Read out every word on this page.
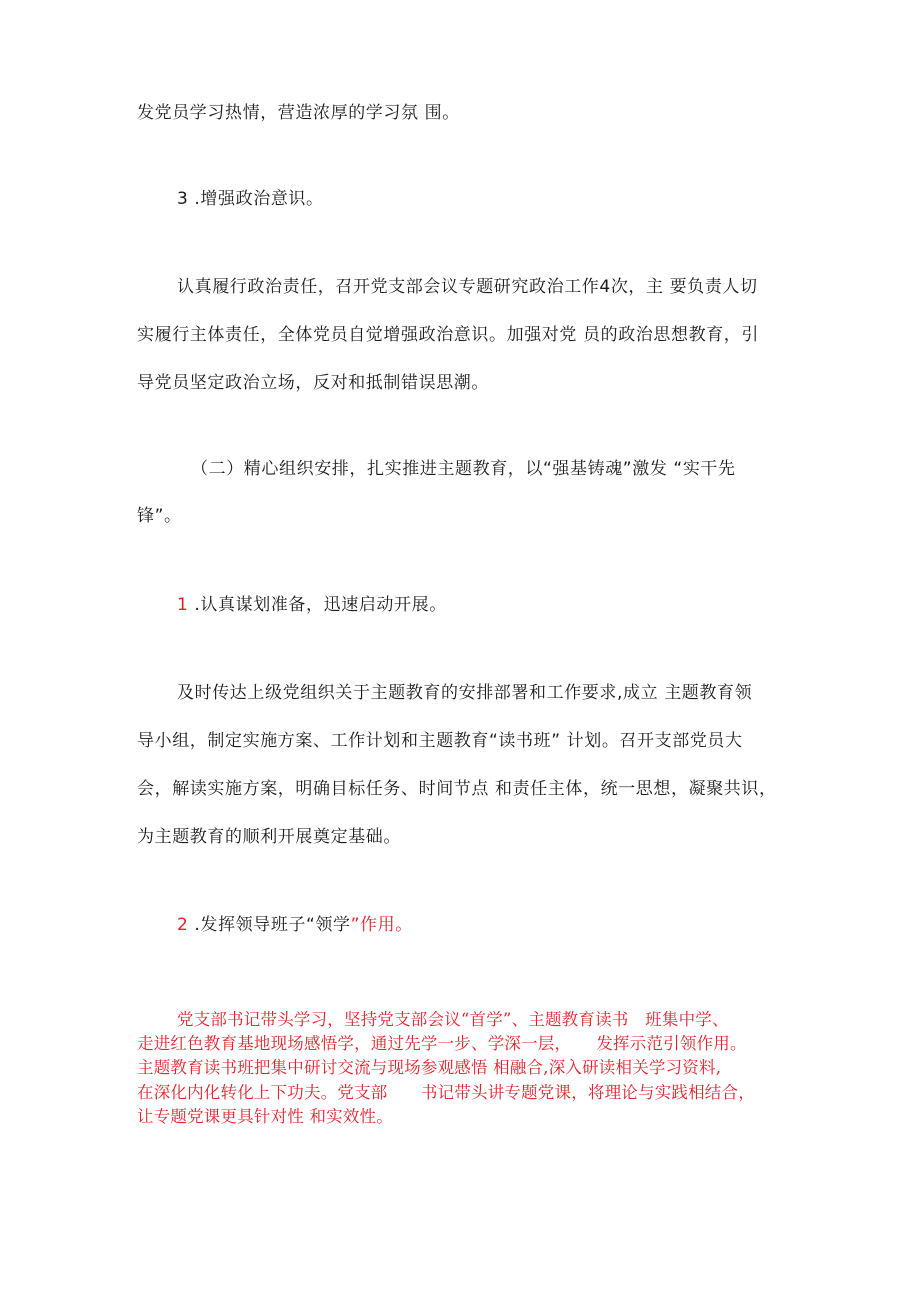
发党员学习热情，营造浓厚的学习氛 围。
3 .增强政治意识。
认真履行政治责任，召开党支部会议专题研究政治工作4次，主 要负责人切
实履行主体责任，全体党员自觉增强政治意识。加强对党 员的政治思想教育，引
导党员坚定政治立场，反对和抵制错误思潮。
（二）精心组织安排，扎实推进主题教育，以“强基铸魂”激发 “实干先
锋”。
1 .认真谋划准备，迅速启动开展。
及时传达上级党组织关于主题教育的安排部署和工作要求,成立 主题教育领
导小组，制定实施方案、工作计划和主题教育“读书班” 计划。召开支部党员大
会，解读实施方案，明确目标任务、时间节点 和责任主体，统一思想，凝聚共识，
为主题教育的顺利开展奠定基础。
2 .发挥领导班子“领学”作用。
党支部书记带头学习，坚持党支部会议“首学”、主题教育读书　班集中学、
走进红色教育基地现场感悟学，通过先学一步、学深一层，　　发挥示范引领作用。
主题教育读书班把集中研讨交流与现场参观感悟 相融合,深入研读相关学习资料,
在深化内化转化上下功夫。党支部　　书记带头讲专题党课，将理论与实践相结合，
让专题党课更具针对性 和实效性。
